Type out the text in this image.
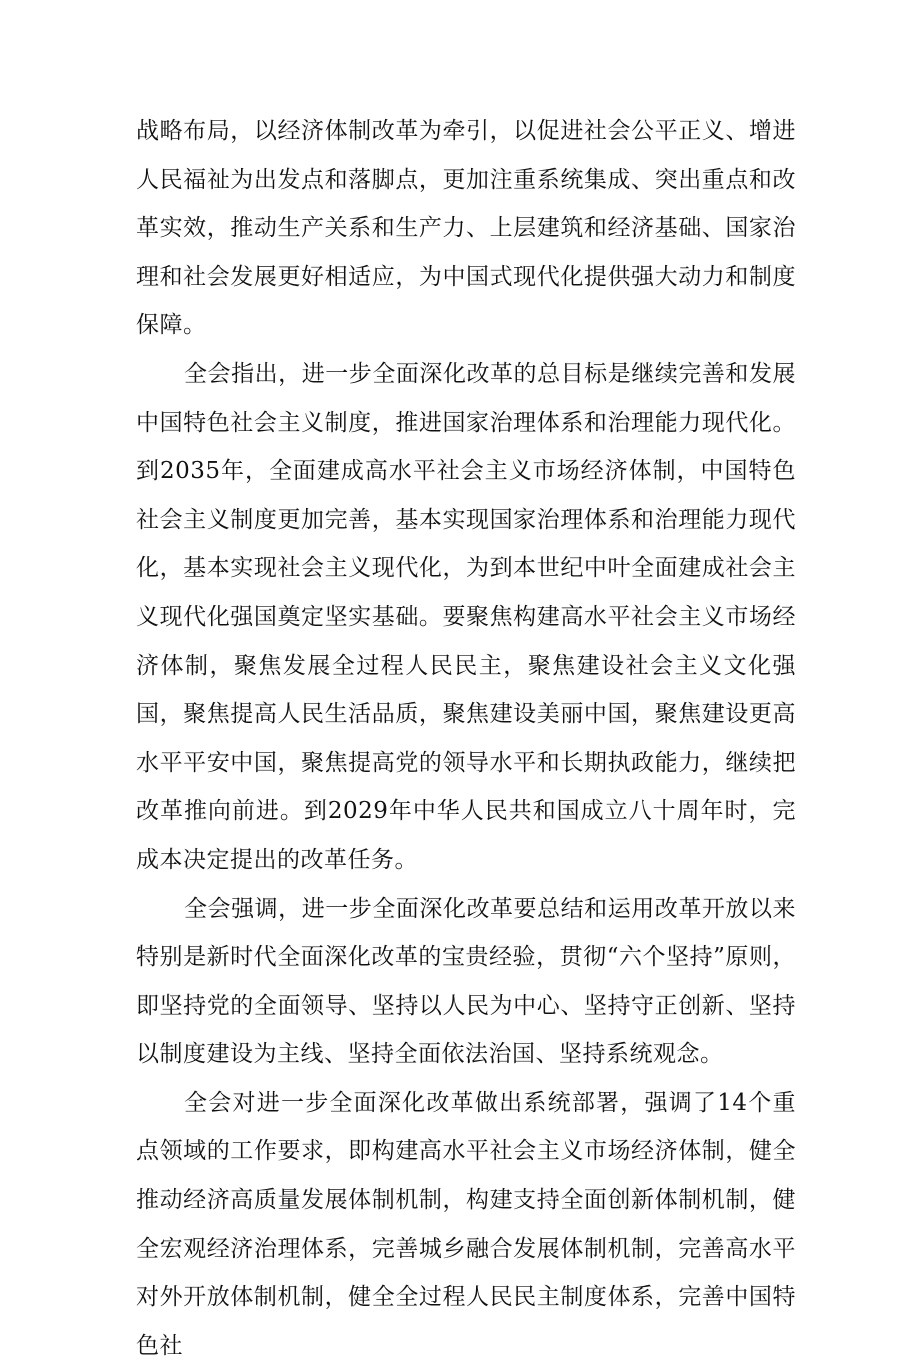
战略布局，以经济体制改革为牵引，以促进社会公平正义、增进人民福祉为出发点和落脚点，更加注重系统集成、突出重点和改革实效，推动生产关系和生产力、上层建筑和经济基础、国家治理和社会发展更好相适应，为中国式现代化提供强大动力和制度保障。

全会指出，进一步全面深化改革的总目标是继续完善和发展中国特色社会主义制度，推进国家治理体系和治理能力现代化。到2035年，全面建成高水平社会主义市场经济体制，中国特色社会主义制度更加完善，基本实现国家治理体系和治理能力现代化，基本实现社会主义现代化，为到本世纪中叶全面建成社会主义现代化强国奠定坚实基础。要聚焦构建高水平社会主义市场经济体制，聚焦发展全过程人民民主，聚焦建设社会主义文化强国，聚焦提高人民生活品质，聚焦建设美丽中国，聚焦建设更高水平平安中国，聚焦提高党的领导水平和长期执政能力，继续把改革推向前进。到2029年中华人民共和国成立八十周年时，完成本决定提出的改革任务。

全会强调，进一步全面深化改革要总结和运用改革开放以来特别是新时代全面深化改革的宝贵经验，贯彻“六个坚持”原则，即坚持党的全面领导、坚持以人民为中心、坚持守正创新、坚持以制度建设为主线、坚持全面依法治国、坚持系统观念。

全会对进一步全面深化改革做出系统部署，强调了14个重点领域的工作要求，即构建高水平社会主义市场经济体制，健全推动经济高质量发展体制机制，构建支持全面创新体制机制，健全宏观经济治理体系，完善城乡融合发展体制机制，完善高水平对外开放体制机制，健全全过程人民民主制度体系，完善中国特色社
